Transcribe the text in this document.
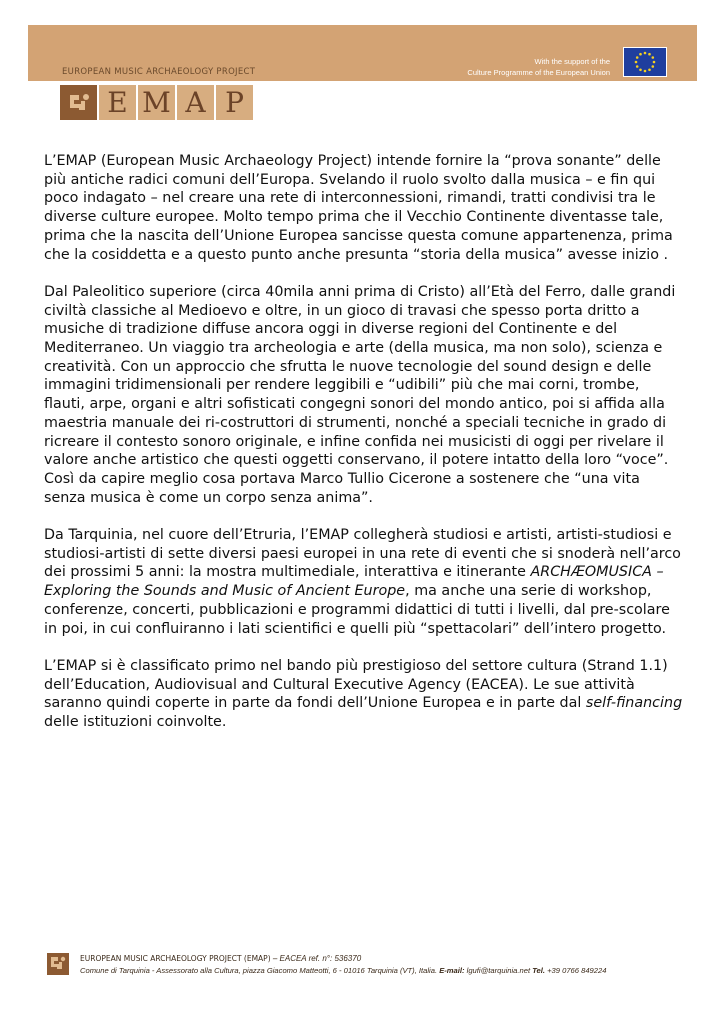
EUROPEAN MUSIC ARCHAEOLOGY PROJECT
With the support of the
Culture Programme of the European Union
E M A P

L’EMAP (European Music Archaeology Project) intende fornire la “prova sonante” delle più antiche radici comuni dell’Europa. Svelando il ruolo svolto dalla musica – e fin qui poco indagato – nel creare una rete di interconnessioni, rimandi, tratti condivisi tra le diverse culture europee. Molto tempo prima che il Vecchio Continente diventasse tale, prima che la nascita dell’Unione Europea sancisse questa comune appartenenza, prima che la cosiddetta e a questo punto anche presunta “storia della musica” avesse inizio .

Dal Paleolitico superiore (circa 40mila anni prima di Cristo) all’Età del Ferro, dalle grandi civiltà classiche al Medioevo e oltre, in un gioco di travasi che spesso porta dritto a musiche di tradizione diffuse ancora oggi in diverse regioni del Continente e del Mediterraneo. Un viaggio tra archeologia e arte (della musica, ma non solo), scienza e creatività. Con un approccio che sfrutta le nuove tecnologie del sound design e delle immagini tridimensionali per rendere leggibili e “udibili” più che mai corni, trombe, flauti, arpe, organi e altri sofisticati congegni sonori del mondo antico, poi si affida alla maestria manuale dei ri-costruttori di strumenti, nonché a speciali tecniche in grado di ricreare il contesto sonoro originale, e infine confida nei musicisti di oggi per rivelare il valore anche artistico che questi oggetti conservano, il potere intatto della loro “voce”. Così da capire meglio cosa portava Marco Tullio Cicerone a sostenere che “una vita senza musica è come un corpo senza anima”.

Da Tarquinia, nel cuore dell’Etruria, l’EMAP collegherà studiosi e artisti, artisti-studiosi e studiosi-artisti di sette diversi paesi europei in una rete di eventi che si snoderà nell’arco dei prossimi 5 anni: la mostra multimediale, interattiva e itinerante ARCHÆOMUSICA – Exploring the Sounds and Music of Ancient Europe, ma anche una serie di workshop, conferenze, concerti, pubblicazioni e programmi didattici di tutti i livelli, dal pre-scolare in poi, in cui confluiranno i lati scientifici e quelli più “spettacolari” dell’intero progetto.

L’EMAP si è classificato primo nel bando più prestigioso del settore cultura (Strand 1.1) dell’Education, Audiovisual and Cultural Executive Agency (EACEA). Le sue attività saranno quindi coperte in parte da fondi dell’Unione Europea e in parte dal self-financing delle istituzioni coinvolte.

EUROPEAN MUSIC ARCHAEOLOGY PROJECT (EMAP) – EACEA ref. n°: 536370
Comune di Tarquinia - Assessorato alla Cultura, piazza Giacomo Matteotti, 6 - 01016 Tarquinia (VT), Italia. E-mail: lgufi@tarquinia.net Tel. +39 0766 849224
